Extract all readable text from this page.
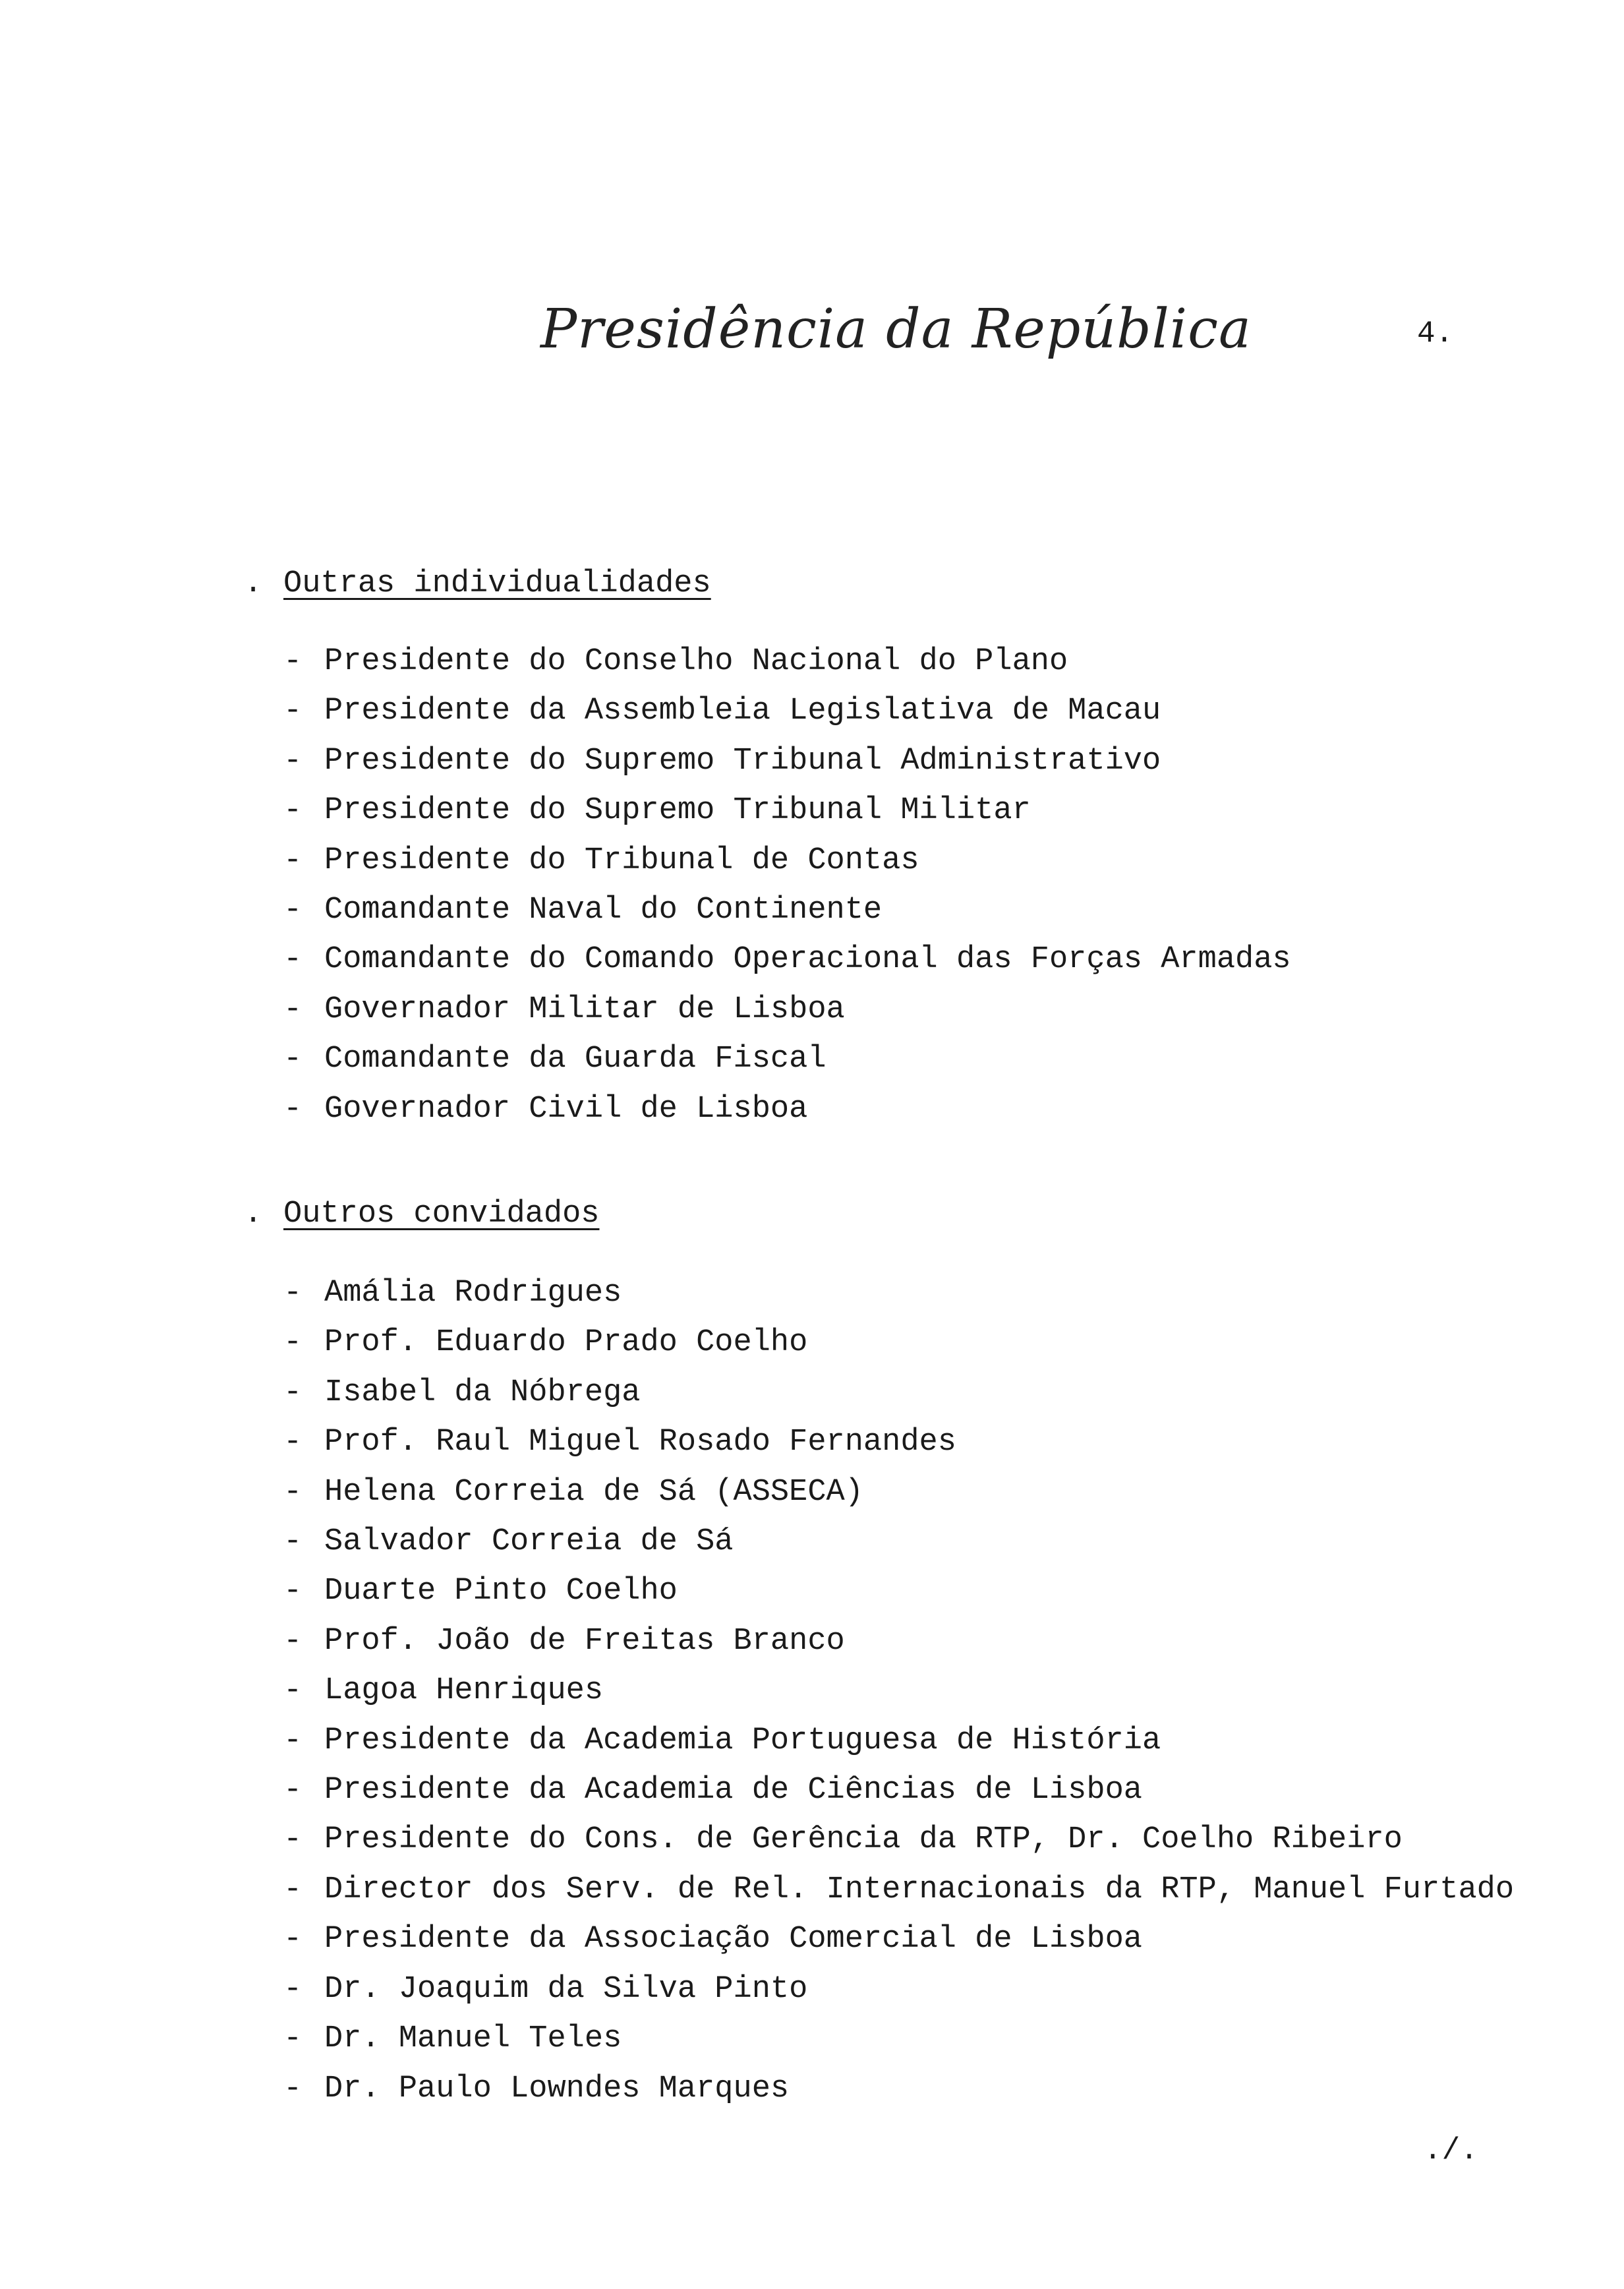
Presidência da República	4.
. Outras individualidades
- Presidente do Conselho Nacional do Plano
- Presidente da Assembleia Legislativa de Macau
- Presidente do Supremo Tribunal Administrativo
- Presidente do Supremo Tribunal Militar
- Presidente do Tribunal de Contas
- Comandante Naval do Continente
- Comandante do Comando Operacional das Forças Armadas
- Governador Militar de Lisboa
- Comandante da Guarda Fiscal
- Governador Civil de Lisboa
. Outros convidados
- Amália Rodrigues
- Prof. Eduardo Prado Coelho
- Isabel da Nóbrega
- Prof. Raul Miguel Rosado Fernandes
- Helena Correia de Sá (ASSECA)
- Salvador Correia de Sá
- Duarte Pinto Coelho
- Prof. João de Freitas Branco
- Lagoa Henriques
- Presidente da Academia Portuguesa de História
- Presidente da Academia de Ciências de Lisboa
- Presidente do Cons. de Gerência da RTP, Dr. Coelho Ribeiro
- Director dos Serv. de Rel. Internacionais da RTP, Manuel Furtado
- Presidente da Associação Comercial de Lisboa
- Dr. Joaquim da Silva Pinto
- Dr. Manuel Teles
- Dr. Paulo Lowndes Marques
./.
